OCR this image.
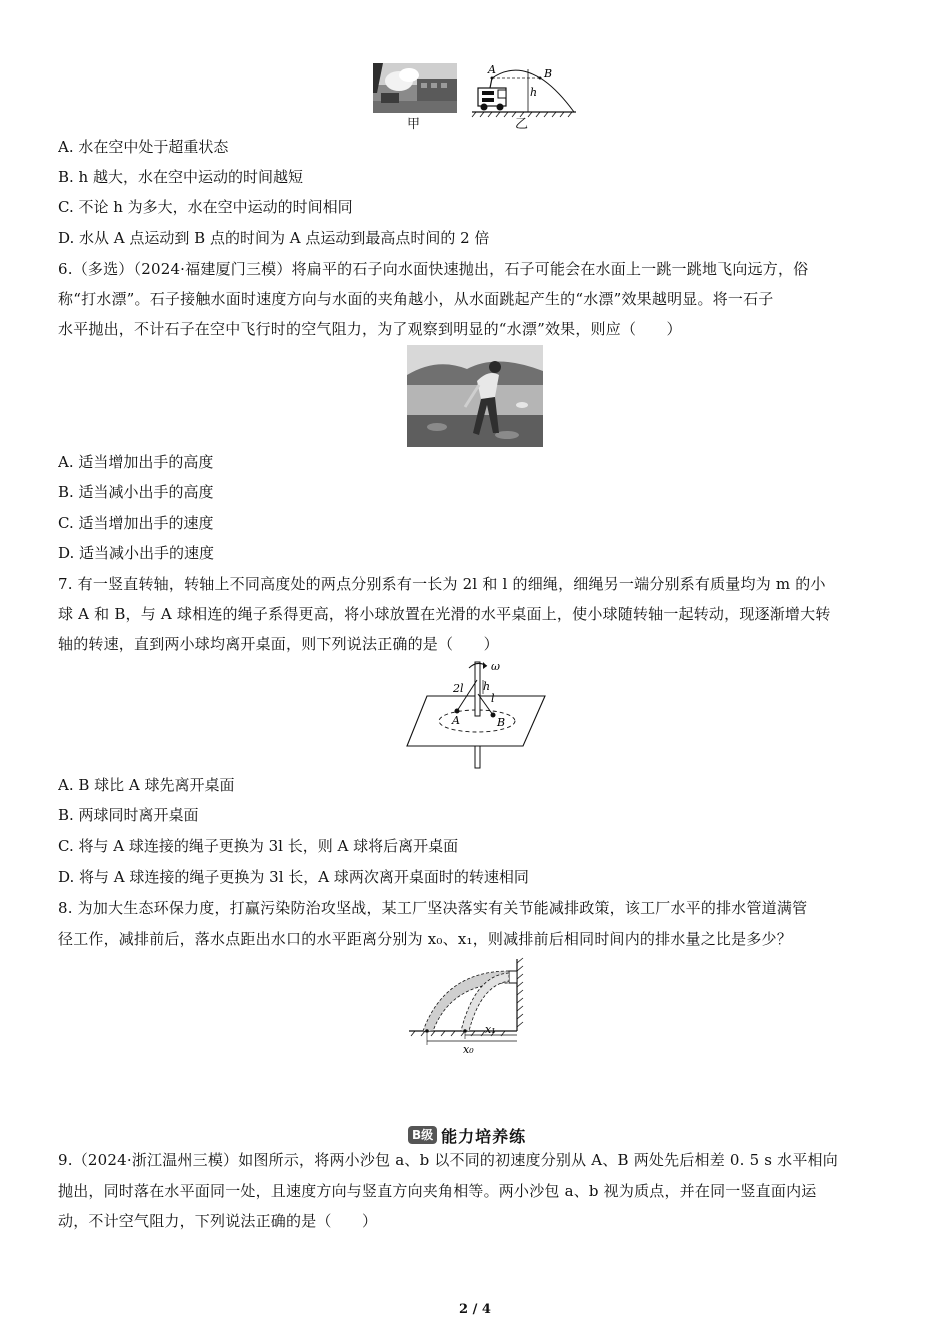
甲
A	B
h
乙
A. 水在空中处于超重状态
B. h 越大，水在空中运动的时间越短
C. 不论 h 为多大，水在空中运动的时间相同
D. 水从 A 点运动到 B 点的时间为 A 点运动到最高点时间的 2 倍
6.（多选）（2024·福建厦门三模）将扁平的石子向水面快速抛出，石子可能会在水面上一跳一跳地飞向远方，俗
称“打水漂”。石子接触水面时速度方向与水面的夹角越小，从水面跳起产生的“水漂”效果越明显。将一石子
水平抛出，不计石子在空中飞行时的空气阻力，为了观察到明显的“水漂”效果，则应（　　）
A. 适当增加出手的高度
B. 适当减小出手的高度
C. 适当增加出手的速度
D. 适当减小出手的速度
7. 有一竖直转轴，转轴上不同高度处的两点分别系有一长为 2l 和 l 的细绳，细绳另一端分别系有质量均为 m 的小
球 A 和 B，与 A 球相连的绳子系得更高，将小球放置在光滑的水平桌面上，使小球随转轴一起转动，现逐渐增大转
轴的转速，直到两小球均离开桌面，则下列说法正确的是（　　）
ω
2l h
l
A	B
A. B 球比 A 球先离开桌面
B. 两球同时离开桌面
C. 将与 A 球连接的绳子更换为 3l 长，则 A 球将后离开桌面
D. 将与 A 球连接的绳子更换为 3l 长，A 球两次离开桌面时的转速相同
8. 为加大生态环保力度，打赢污染防治攻坚战，某工厂坚决落实有关节能减排政策，该工厂水平的排水管道满管
径工作，减排前后，落水点距出水口的水平距离分别为 x₀、x₁，则减排前后相同时间内的排水量之比是多少？
x₀
x₁
B级 能力培养练
9.（2024·浙江温州三模）如图所示，将两小沙包 a、b 以不同的初速度分别从 A、B 两处先后相差 0. 5 s 水平相向
抛出，同时落在水平面同一处，且速度方向与竖直方向夹角相等。两小沙包 a、b 视为质点，并在同一竖直面内运
动，不计空气阻力，下列说法正确的是（　　）
2 / 4
